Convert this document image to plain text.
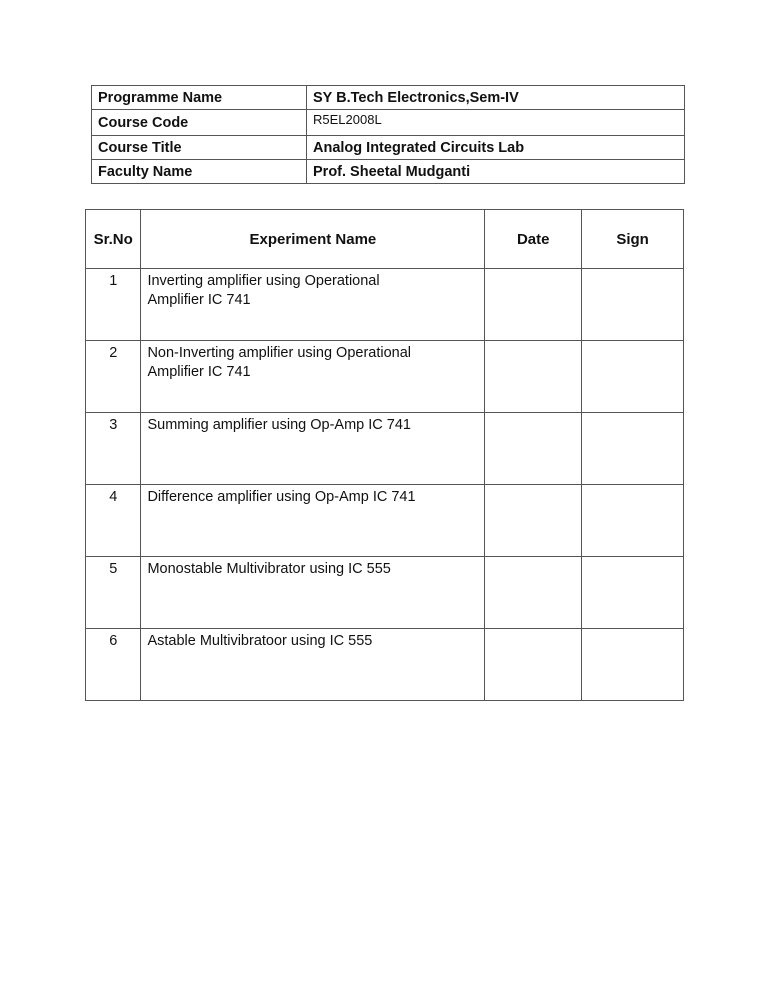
Programme Name	SY B.Tech Electronics,Sem-IV
Course Code	R5EL2008L
Course Title	Analog Integrated Circuits Lab
Faculty Name	Prof. Sheetal Mudganti
Sr.No	Experiment Name	Date	Sign
1	Inverting amplifier using Operational Amplifier IC 741		

2	Non-Inverting amplifier using Operational Amplifier IC 741		

3	Summing amplifier using Op-Amp IC 741		

4	Difference amplifier using Op-Amp IC 741		

5	Monostable Multivibrator using IC 555		

6	Astable Multivibratoor using IC 555		
